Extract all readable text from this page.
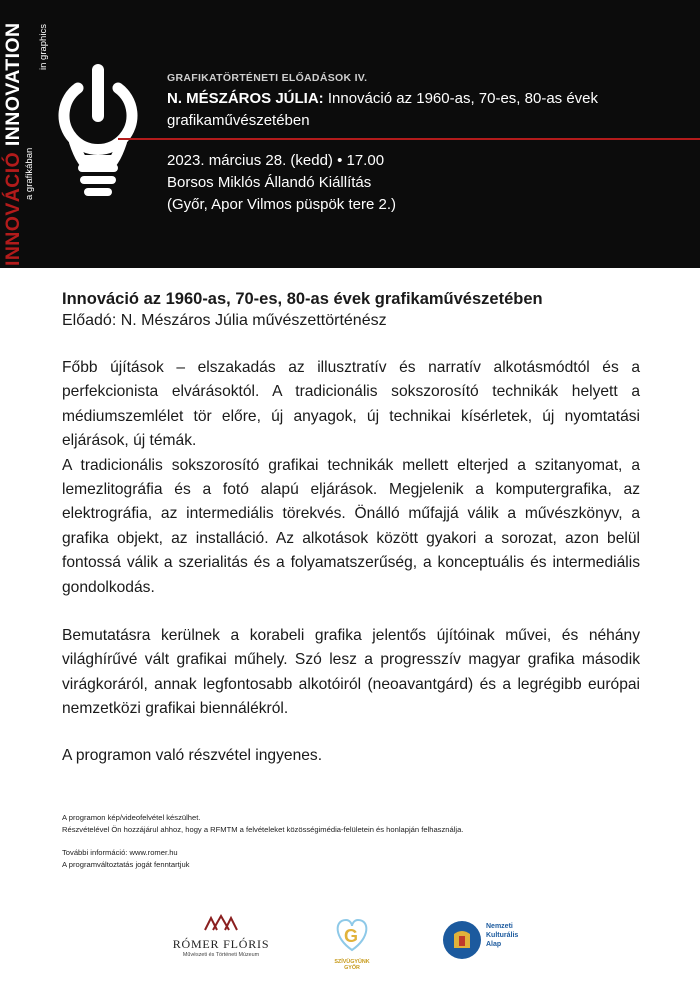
INNOVÁCIÓ INNOVATION
a grafikában
in graphics
GRAFIKATÖRTÉNETI ELŐADÁSOK IV.
N. MÉSZÁROS JÚLIA: Innováció az 1960-as, 70-es, 80-as évek
grafikaművészetében
2023. március 28. (kedd) • 17.00
Borsos Miklós Állandó Kiállítás
(Győr, Apor Vilmos püspök tere 2.)
Innováció az 1960-as, 70-es, 80-as évek grafikaművészetében
Előadó: N. Mészáros Júlia művészettörténész

Főbb újítások – elszakadás az illusztratív és narratív alkotásmódtól és a perfekcionista elvárásoktól. A tradicionális sokszorosító technikák helyett a médiumszemlélet tör előre, új anyagok, új technikai kísérletek, új nyomtatási eljárások, új témák.

A tradicionális sokszorosító grafikai technikák mellett elterjed a szitanyomat, a lemezlitográfia és a fotó alapú eljárások. Megjelenik a komputergrafika, az elektrográfia, az intermediális törekvés. Önálló műfajjá válik a művészkönyv, a grafika objekt, az installáció. Az alkotások között gyakori a sorozat, azon belül fontossá válik a szerialitás és a folyamatszerűség, a konceptuális és intermediális gondolkodás.

Bemutatásra kerülnek a korabeli grafika jelentős újítóinak művei, és néhány világhírűvé vált grafikai műhely. Szó lesz a progresszív magyar grafika második virágkoráról, annak legfontosabb alkotóiról (neoavantgárd) és a legrégibb európai nemzetközi grafikai biennálékról.

A programon való részvétel ingyenes.

A programon kép/videofelvétel készülhet.
Részvételével Ön hozzájárul ahhoz, hogy a RFMTM a felvételeket közösségimédia-felületein és honlapján felhasználja.
További információ: www.romer.hu
A programváltoztatás jogát fenntartjuk
RÓMER FLÓRIS
Művészeti és Történeti Múzeum
G
SZÍVÜGYÜNK GYŐR
Nemzeti
Kulturális
Alap
